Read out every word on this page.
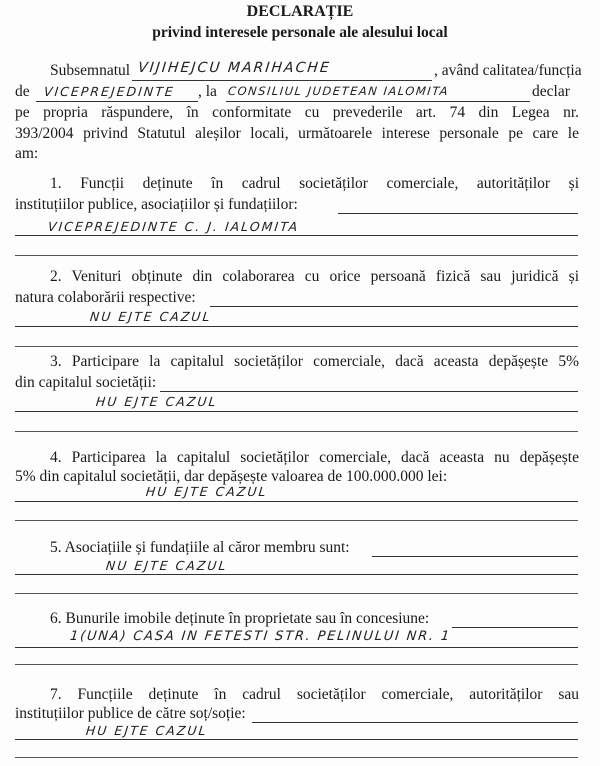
DECLARAȚIE
privind interesele personale ale alesului local
Subsemnatul VIJIHEJCU MARIHACHE	, având calitatea/funcția
de VICEPREJEDINTE , la CONSILIUL JUDETEAN IALOMITA	declar
pe propria răspundere, în conformitate cu prevederile art. 74 din Legea nr.
393/2004 privind Statutul aleșilor locali, următoarele interese personale pe care le
am:
1. Funcții deținute în cadrul societăților comerciale, autorităților și
instituțiilor publice, asociațiilor și fundațiilor:
VICEPREJEDINTE C. J. IALOMITA
2. Venituri obținute din colaborarea cu orice persoană fizică sau juridică și
natura colaborării respective:
NU EJTE CAZUL
3. Participare la capitalul societăților comerciale, dacă aceasta depășește 5%
din capitalul societății:
HU EJTE CAZUL
4. Participarea la capitalul societăților comerciale, dacă aceasta nu depășește
5% din capitalul societății, dar depășește valoarea de 100.000.000 lei:
HU EJTE CAZUL
5. Asociațiile și fundațiile al căror membru sunt:
NU EJTE CAZUL
6. Bunurile imobile deținute în proprietate sau în concesiune:
1(UNA) CASA IN FETESTI STR. PELINULUI NR. 1
7. Funcțiile deținute în cadrul societăților comerciale, autorităților sau
instituțiilor publice de către soț/soție:
HU EJTE CAZUL
